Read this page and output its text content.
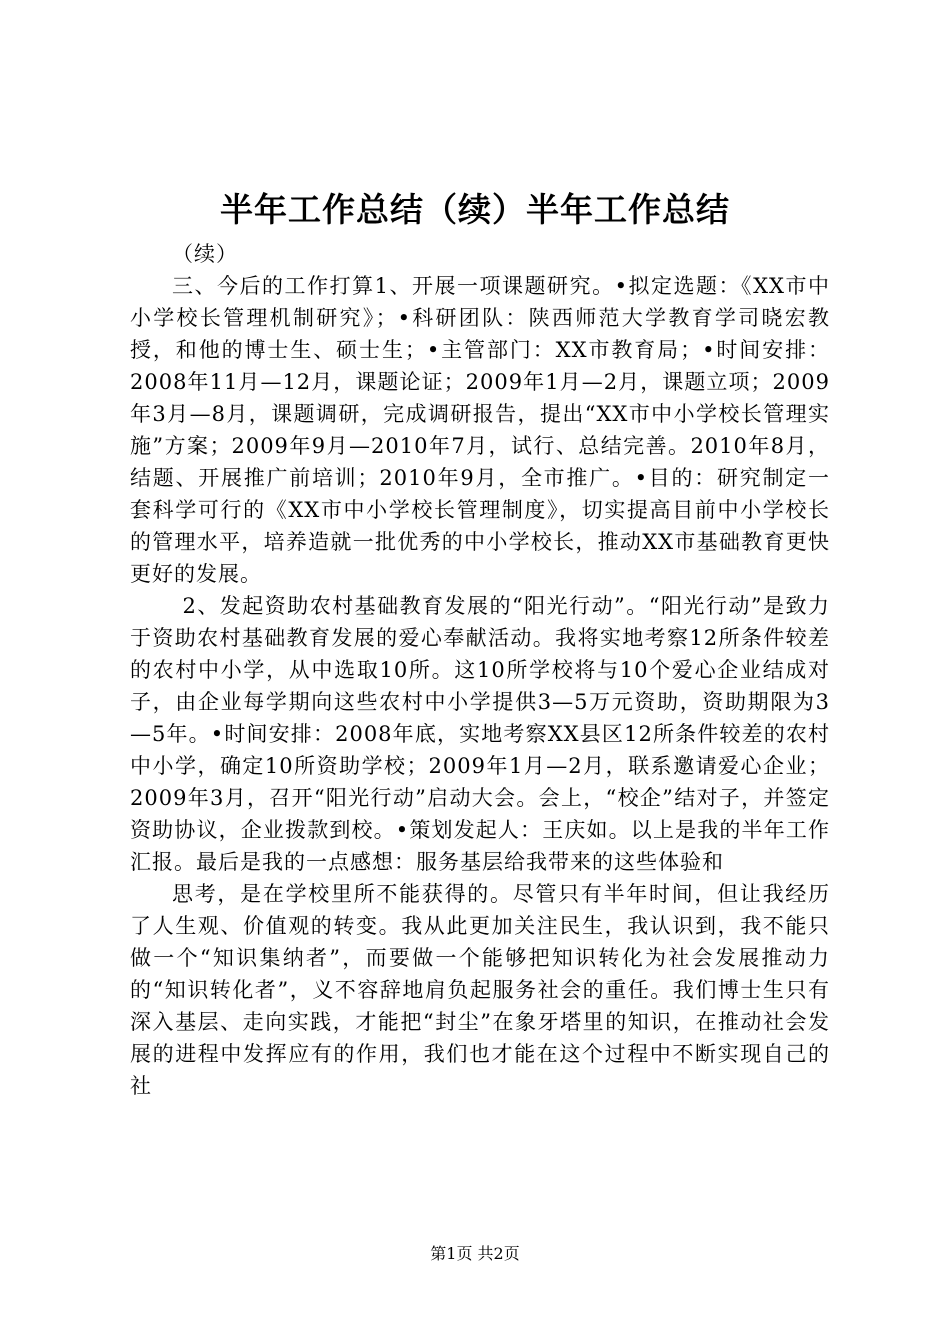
半年工作总结（续）半年工作总结

（续）

三、今后的工作打算1、开展一项课题研究。•拟定选题：《XX市中小学校长管理机制研究》；•科研团队：陕西师范大学教育学司晓宏教授，和他的博士生、硕士生；•主管部门：XX市教育局；•时间安排：2008年11月—12月，课题论证；2009年1月—2月，课题立项；2009年3月—8月，课题调研，完成调研报告，提出“XX市中小学校长管理实施”方案；2009年9月—2010年7月，试行、总结完善。2010年8月，结题、开展推广前培训；2010年9月，全市推广。•目的：研究制定一套科学可行的《XX市中小学校长管理制度》，切实提高目前中小学校长的管理水平，培养造就一批优秀的中小学校长，推动XX市基础教育更快更好的发展。

2、发起资助农村基础教育发展的“阳光行动”。“阳光行动”是致力于资助农村基础教育发展的爱心奉献活动。我将实地考察12所条件较差的农村中小学，从中选取10所。这10所学校将与10个爱心企业结成对子，由企业每学期向这些农村中小学提供3—5万元资助，资助期限为3—5年。•时间安排：2008年底，实地考察XX县区12所条件较差的农村中小学，确定10所资助学校；2009年1月—2月，联系邀请爱心企业；2009年3月，召开“阳光行动”启动大会。会上，“校企”结对子，并签定资助协议，企业拨款到校。•策划发起人：王庆如。以上是我的半年工作汇报。最后是我的一点感想：服务基层给我带来的这些体验和

思考，是在学校里所不能获得的。尽管只有半年时间，但让我经历了人生观、价值观的转变。我从此更加关注民生，我认识到，我不能只做一个“知识集纳者”，而要做一个能够把知识转化为社会发展推动力的“知识转化者”，义不容辞地肩负起服务社会的重任。我们博士生只有深入基层、走向实践，才能把“封尘”在象牙塔里的知识，在推动社会发展的进程中发挥应有的作用，我们也才能在这个过程中不断实现自己的社

第1页 共2页
